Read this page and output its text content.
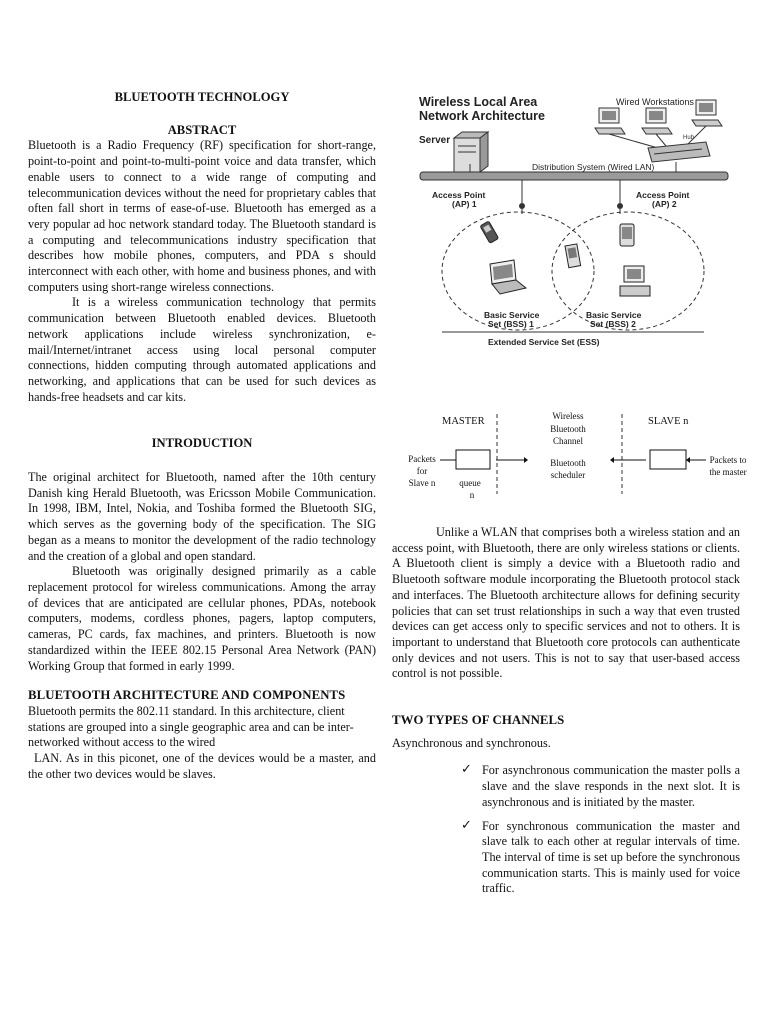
BLUETOOTH TECHNOLOGY

ABSTRACT

Bluetooth is a Radio Frequency (RF) specification for short-range, point-to-point and point-to-multi-point voice and data transfer, which enable users to connect to a wide range of computing and telecommunication devices without the need for proprietary cables that often fall short in terms of ease-of-use. Bluetooth has emerged as a very popular ad hoc network standard today. The Bluetooth standard is a computing and telecommunications industry specification that describes how mobile phones, computers, and PDA s should interconnect with each other, with home and business phones, and with computers using short-range wireless connections.

It is a wireless communication technology that permits communication between Bluetooth enabled devices. Bluetooth network applications include wireless synchronization, e-mail/Internet/intranet access using local personal computer connections, hidden computing through automated applications and networking, and applications that can be used for such devices as hands-free headsets and car kits.

INTRODUCTION

The original architect for Bluetooth, named after the 10th century Danish king Herald Bluetooth, was Ericsson Mobile Communication. In 1998, IBM, Intel, Nokia, and Toshiba formed the Bluetooth SIG, which serves as the governing body of the specification. The SIG began as a means to monitor the development of the radio technology and the creation of a global and open standard.

Bluetooth was originally designed primarily as a cable replacement protocol for wireless communications. Among the array of devices that are anticipated are cellular phones, PDAs, notebook computers, modems, cordless phones, pagers, laptop computers, cameras, PC cards, fax machines, and printers. Bluetooth is now standardized within the IEEE 802.15 Personal Area Network (PAN) Working Group that formed in early 1999.

BLUETOOTH ARCHITECTURE AND COMPONENTS

Bluetooth permits the 802.11 standard. In this architecture, client stations are grouped into a single geographic area and can be inter-networked without access to the wired

LAN. As in this piconet, one of the devices would be a master, and the other two devices would be slaves.

Wireless Local Area
Network Architecture
Server
Wired Workstations
Hub
Distribution System (Wired LAN)
Access Point
(AP) 1
Access Point
(AP) 2
Basic Service
Set (BSS) 1
Basic Service
Set (BSS) 2
Extended Service Set (ESS)
MASTER	Wireless
Bluetooth
Channel
SLAVE n
Packets
for
Slave n	queue
n
Bluetooth
scheduler
Packets to
the master

Unlike a WLAN that comprises both a wireless station and an access point, with Bluetooth, there are only wireless stations or clients. A Bluetooth client is simply a device with a Bluetooth radio and Bluetooth software module incorporating the Bluetooth protocol stack and interfaces. The Bluetooth architecture allows for defining security policies that can set trust relationships in such a way that even trusted devices can get access only to specific services and not to others. It is important to understand that Bluetooth core protocols can authenticate only devices and not users. This is not to say that user-based access control is not possible.

TWO TYPES OF CHANNELS

Asynchronous and synchronous.

✓ For asynchronous communication the master polls a slave and the slave responds in the next slot. It is asynchronous and is initiated by the master.
✓ For synchronous communication the master and slave talk to each other at regular intervals of time. The interval of time is set up before the synchronous communication starts. This is mainly used for voice traffic.
